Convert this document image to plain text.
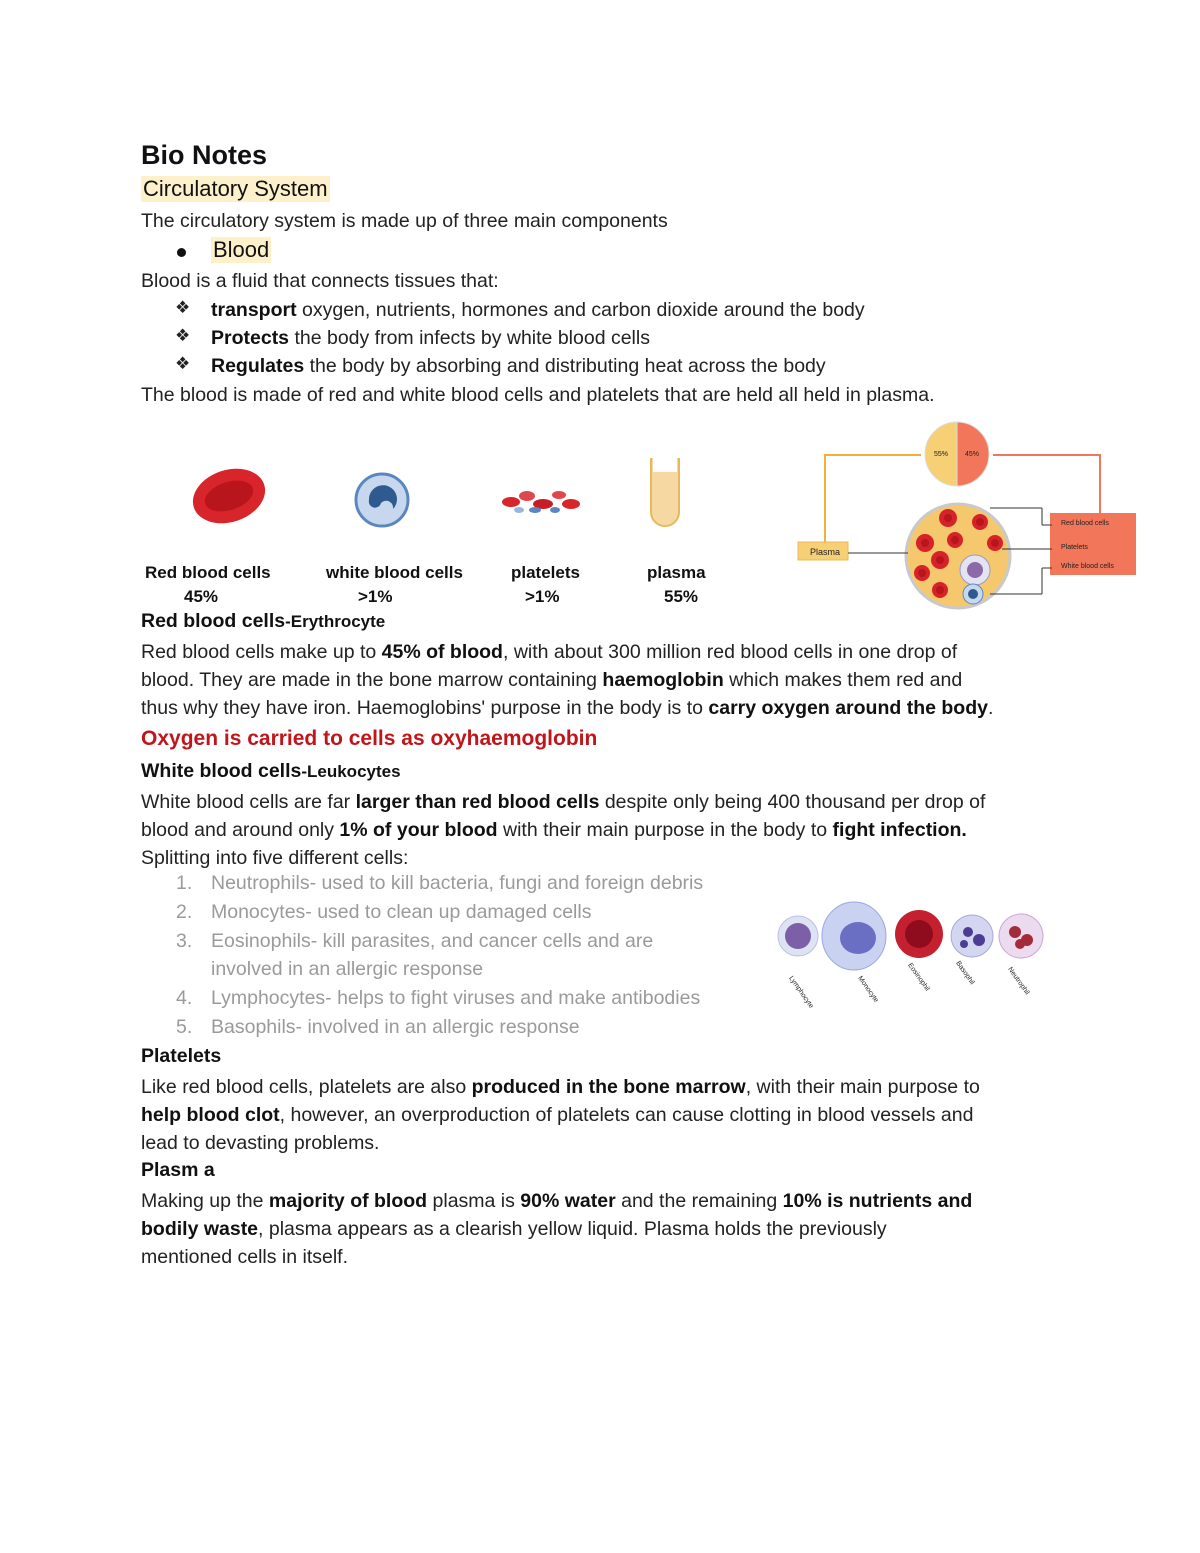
Bio Notes
Circulatory System
The circulatory system is made up of three main components
Blood
Blood is a fluid that connects tissues that:
❖ transport oxygen, nutrients, hormones and carbon dioxide around the body
❖ Protects the body from infects by white blood cells
❖ Regulates the body by absorbing and distributing heat across the body
The blood is made of red and white blood cells and platelets that are held all held in plasma.
Red blood cells
45%
white blood cells
>1%
platelets
>1%
plasma
55%
55% 45%
Plasma
Red blood cells
Platelets
White blood cells
Red blood cells-Erythrocyte
Red blood cells make up to 45% of blood, with about 300 million red blood cells in one drop of
blood. They are made in the bone marrow containing haemoglobin which makes them red and
thus why they have iron. Haemoglobins' purpose in the body is to carry oxygen around the body.
Oxygen is carried to cells as oxyhaemoglobin
White blood cells-Leukocytes
White blood cells are far larger than red blood cells despite only being 400 thousand per drop of
blood and around only 1% of your blood with their main purpose in the body to fight infection.
Splitting into five different cells:
1. Neutrophils- used to kill bacteria, fungi and foreign debris
2. Monocytes- used to clean up damaged cells
3. Eosinophils- kill parasites, and cancer cells and are
involved in an allergic response
4. Lymphocytes- helps to fight viruses and make antibodies
5. Basophils- involved in an allergic response
Lymphocyte	Monocyte	Eosinophil	Basophil	Neutrophil
Platelets
Like red blood cells, platelets are also produced in the bone marrow, with their main purpose to
help blood clot, however, an overproduction of platelets can cause clotting in blood vessels and
lead to devasting problems.
Plasm a
Making up the majority of blood plasma is 90% water and the remaining 10% is nutrients and
bodily waste, plasma appears as a clearish yellow liquid. Plasma holds the previously
mentioned cells in itself.
